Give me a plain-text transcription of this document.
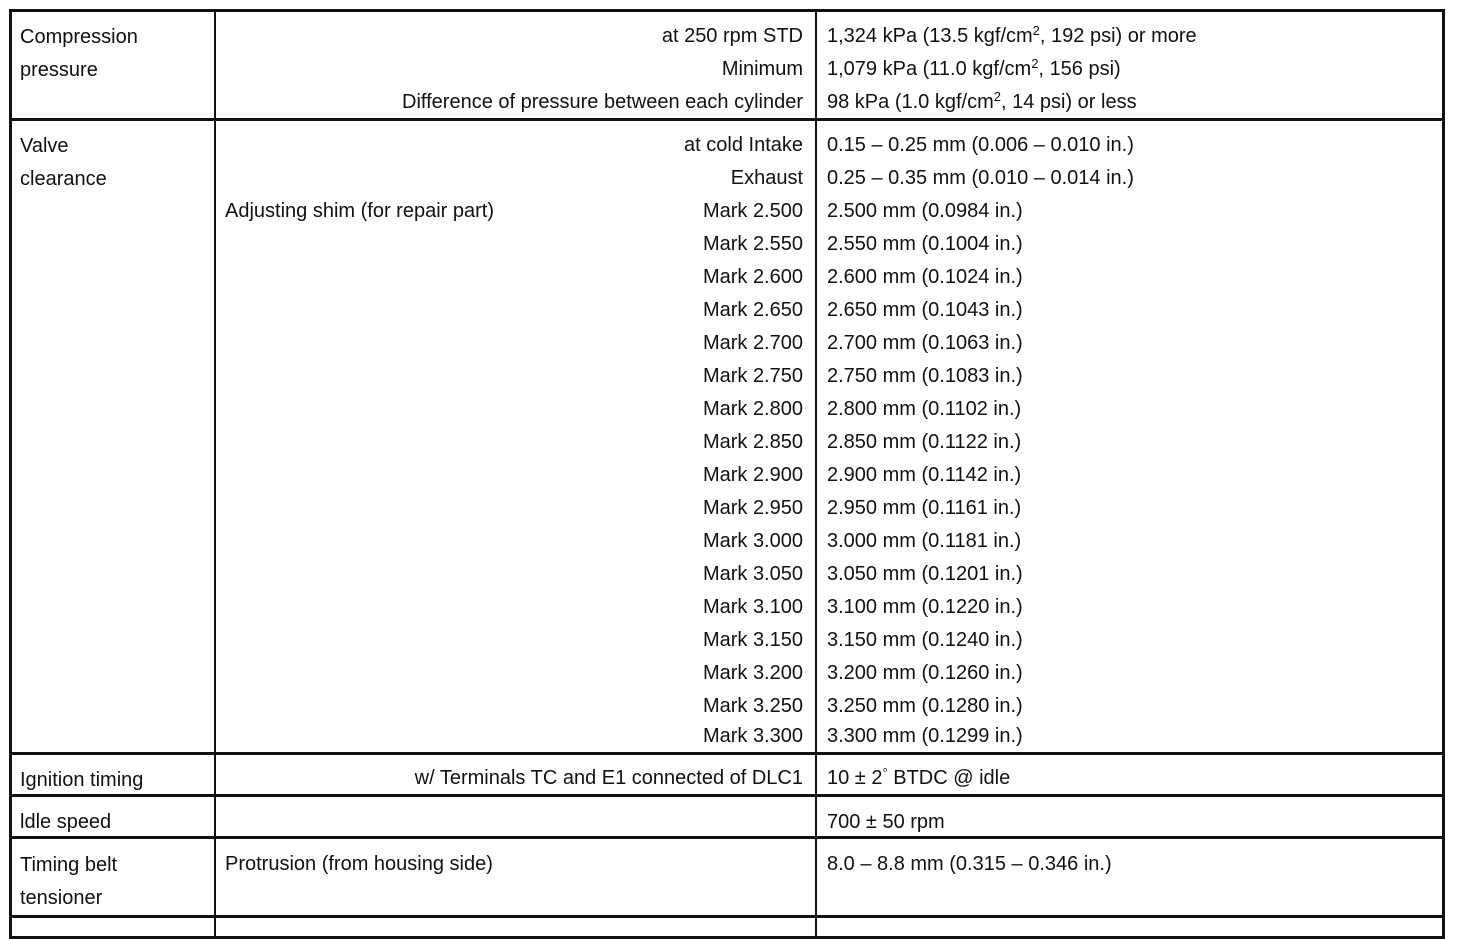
Compression pressure
at 250 rpm STD 1,324 kPa (13.5 kgf/$cm^2$, 192 psi) or more
Minimum 1,079 kPa (11.0 kgf/$cm^2$, 156 psi)
Difference of pressure between each cylinder 98 kPa (1.0 kgf/$cm^2$, 14 psi) or less
Valve clearance
at cold Intake 0.15 – 0.25 mm (0.006 – 0.010 in.)
Exhaust 0.25 – 0.35 mm (0.010 – 0.014 in.)
Adjusting shim (for repair part)	Mark 2.500 2.500 mm (0.0984 in.)
Mark 2.550 2.550 mm (0.1004 in.)
Mark 2.600 2.600 mm (0.1024 in.)
Mark 2.650 2.650 mm (0.1043 in.)
Mark 2.700 2.700 mm (0.1063 in.)
Mark 2.750 2.750 mm (0.1083 in.)
Mark 2.800 2.800 mm (0.1102 in.)
Mark 2.850 2.850 mm (0.1122 in.)
Mark 2.900 2.900 mm (0.1142 in.)
Mark 2.950 2.950 mm (0.1161 in.)
Mark 3.000 3.000 mm (0.1181 in.)
Mark 3.050 3.050 mm (0.1201 in.)
Mark 3.100 3.100 mm (0.1220 in.)
Mark 3.150 3.150 mm (0.1240 in.)
Mark 3.200 3.200 mm (0.1260 in.)
Mark 3.250 3.250 mm (0.1280 in.)
Mark 3.300 3.300 mm (0.1299 in.)
Ignition timing	w/ Terminals TC and E1 connected of DLC1 10 ± 2° BTDC @ idle
ldle speed	700 ± 50 rpm
Timing belt tensioner
Protrusion (from housing side)	8.0 – 8.8 mm (0.315 – 0.346 in.)
